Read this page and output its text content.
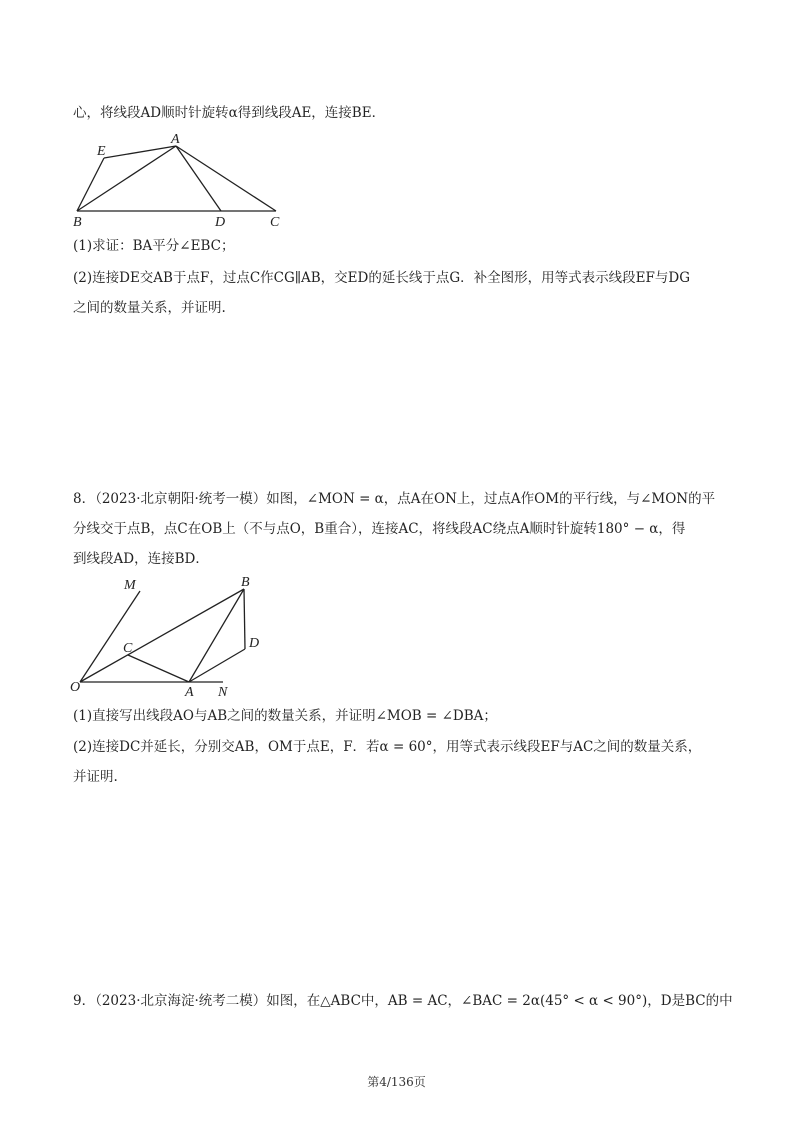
心，将线段AD顺时针旋转α得到线段AE，连接BE．
A
E
B	D	C
(1)求证：BA平分∠EBC；
(2)连接DE交AB于点F，过点C作CG∥AB，交ED的延长线于点G．补全图形，用等式表示线段EF与DG
之间的数量关系，并证明.
8．（2023·北京朝阳·统考一模）如图，∠MON = α，点A在ON上，过点A作OM的平行线，与∠MON的平
分线交于点B，点C在OB上（不与点O，B重合），连接AC，将线段AC绕点A顺时针旋转180° − α，得
到线段AD，连接BD．
M	B
D
C
O	A N
(1)直接写出线段AO与AB之间的数量关系，并证明∠MOB = ∠DBA；
(2)连接DC并延长，分别交AB，OM于点E，F．若α = 60°，用等式表示线段EF与AC之间的数量关系，
并证明.
9．（2023·北京海淀·统考二模）如图，在△ABC中，AB = AC，∠BAC = 2α(45° < α < 90°)，D是BC的中
第4/136页
